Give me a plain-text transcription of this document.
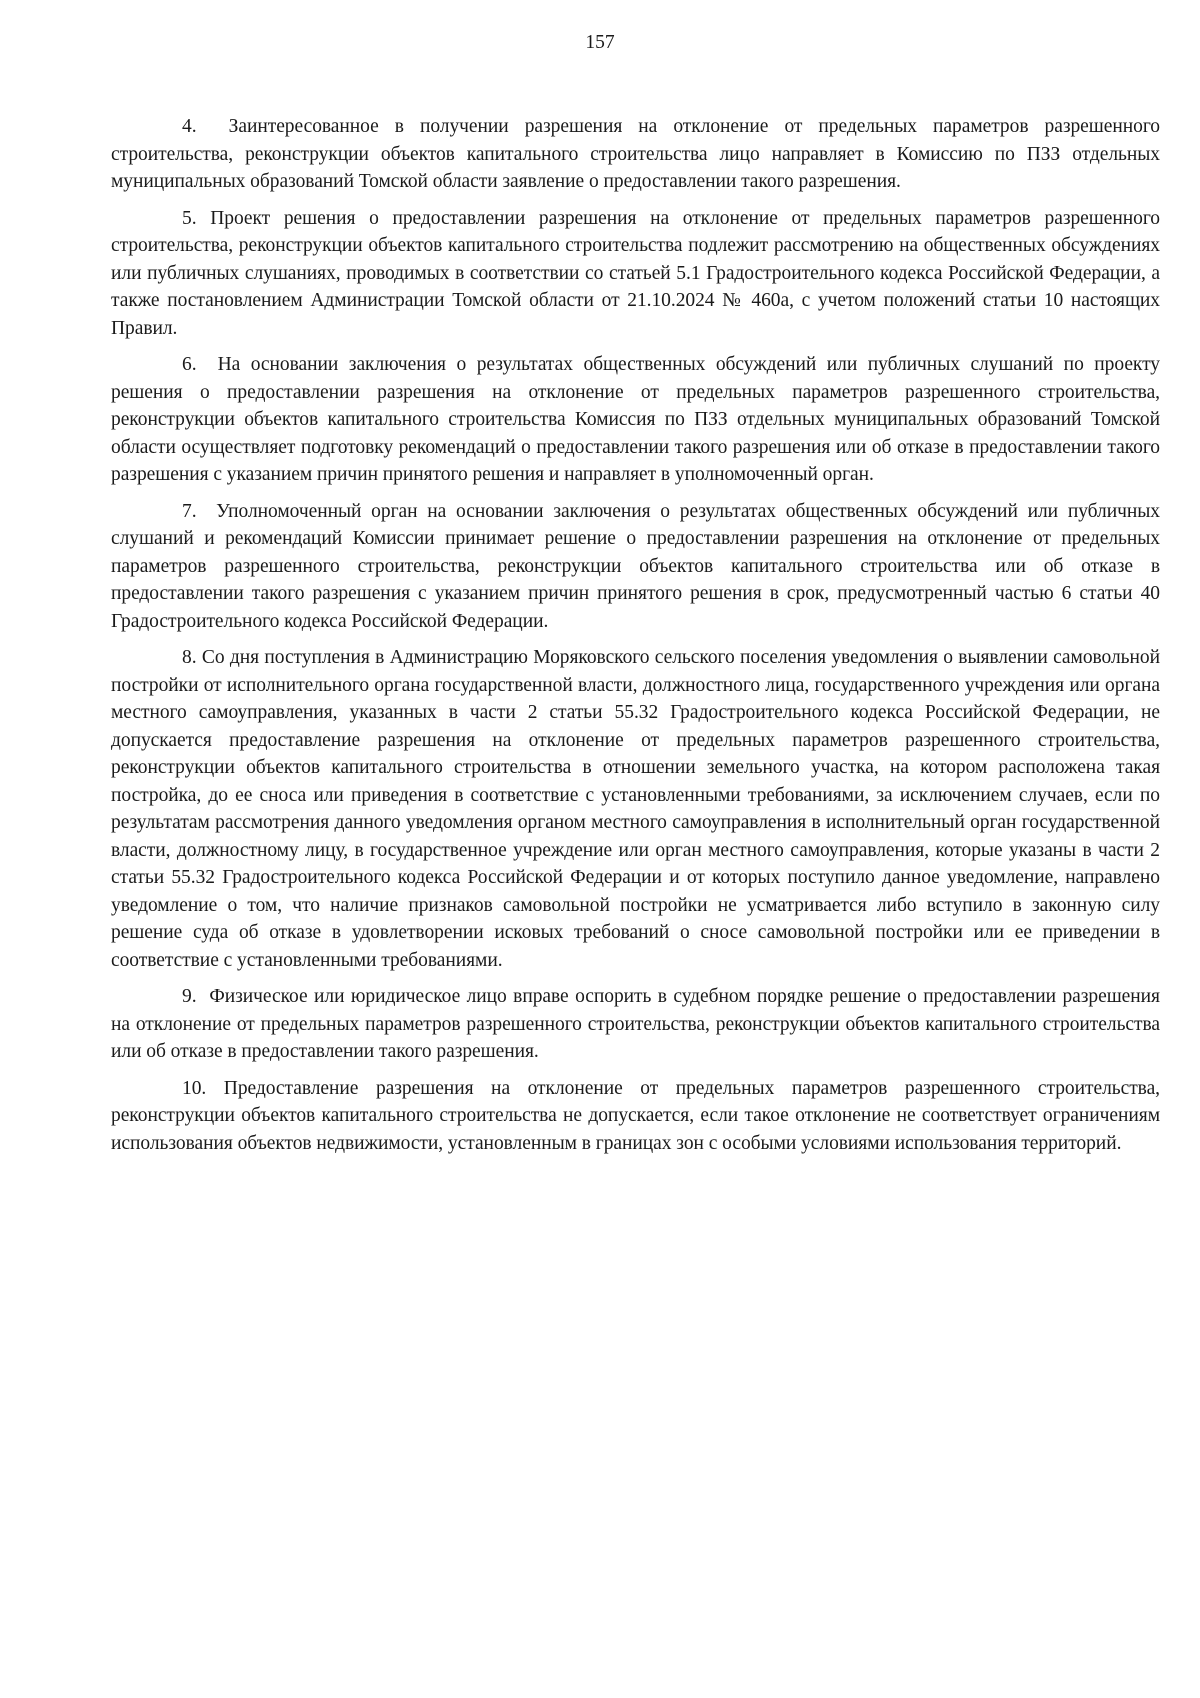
157

4. Заинтересованное в получении разрешения на отклонение от предельных параметров разрешенного строительства, реконструкции объектов капитального строительства лицо направляет в Комиссию по ПЗЗ отдельных муниципальных образований Томской области заявление о предоставлении такого разрешения.

5. Проект решения о предоставлении разрешения на отклонение от предельных параметров разрешенного строительства, реконструкции объектов капитального строительства подлежит рассмотрению на общественных обсуждениях или публичных слушаниях, проводимых в соответствии со статьей 5.1 Градостроительного кодекса Российской Федерации, а также постановлением Администрации Томской области от 21.10.2024 № 460а, с учетом положений статьи 10 настоящих Правил.

6. На основании заключения о результатах общественных обсуждений или публичных слушаний по проекту решения о предоставлении разрешения на отклонение от предельных параметров разрешенного строительства, реконструкции объектов капитального строительства Комиссия по ПЗЗ отдельных муниципальных образований Томской области осуществляет подготовку рекомендаций о предоставлении такого разрешения или об отказе в предоставлении такого разрешения с указанием причин принятого решения и направляет в уполномоченный орган.

7. Уполномоченный орган на основании заключения о результатах общественных обсуждений или публичных слушаний и рекомендаций Комиссии принимает решение о предоставлении разрешения на отклонение от предельных параметров разрешенного строительства, реконструкции объектов капитального строительства или об отказе в предоставлении такого разрешения с указанием причин принятого решения в срок, предусмотренный частью 6 статьи 40 Градостроительного кодекса Российской Федерации.

8. Со дня поступления в Администрацию Моряковского сельского поселения уведомления о выявлении самовольной постройки от исполнительного органа государственной власти, должностного лица, государственного учреждения или органа местного самоуправления, указанных в части 2 статьи 55.32 Градостроительного кодекса Российской Федерации, не допускается предоставление разрешения на отклонение от предельных параметров разрешенного строительства, реконструкции объектов капитального строительства в отношении земельного участка, на котором расположена такая постройка, до ее сноса или приведения в соответствие с установленными требованиями, за исключением случаев, если по результатам рассмотрения данного уведомления органом местного самоуправления в исполнительный орган государственной власти, должностному лицу, в государственное учреждение или орган местного самоуправления, которые указаны в части 2 статьи 55.32 Градостроительного кодекса Российской Федерации и от которых поступило данное уведомление, направлено уведомление о том, что наличие признаков самовольной постройки не усматривается либо вступило в законную силу решение суда об отказе в удовлетворении исковых требований о сносе самовольной постройки или ее приведении в соответствие с установленными требованиями.

9. Физическое или юридическое лицо вправе оспорить в судебном порядке решение о предоставлении разрешения на отклонение от предельных параметров разрешенного строительства, реконструкции объектов капитального строительства или об отказе в предоставлении такого разрешения.

10. Предоставление разрешения на отклонение от предельных параметров разрешенного строительства, реконструкции объектов капитального строительства не допускается, если такое отклонение не соответствует ограничениям использования объектов недвижимости, установленным в границах зон с особыми условиями использования территорий.
